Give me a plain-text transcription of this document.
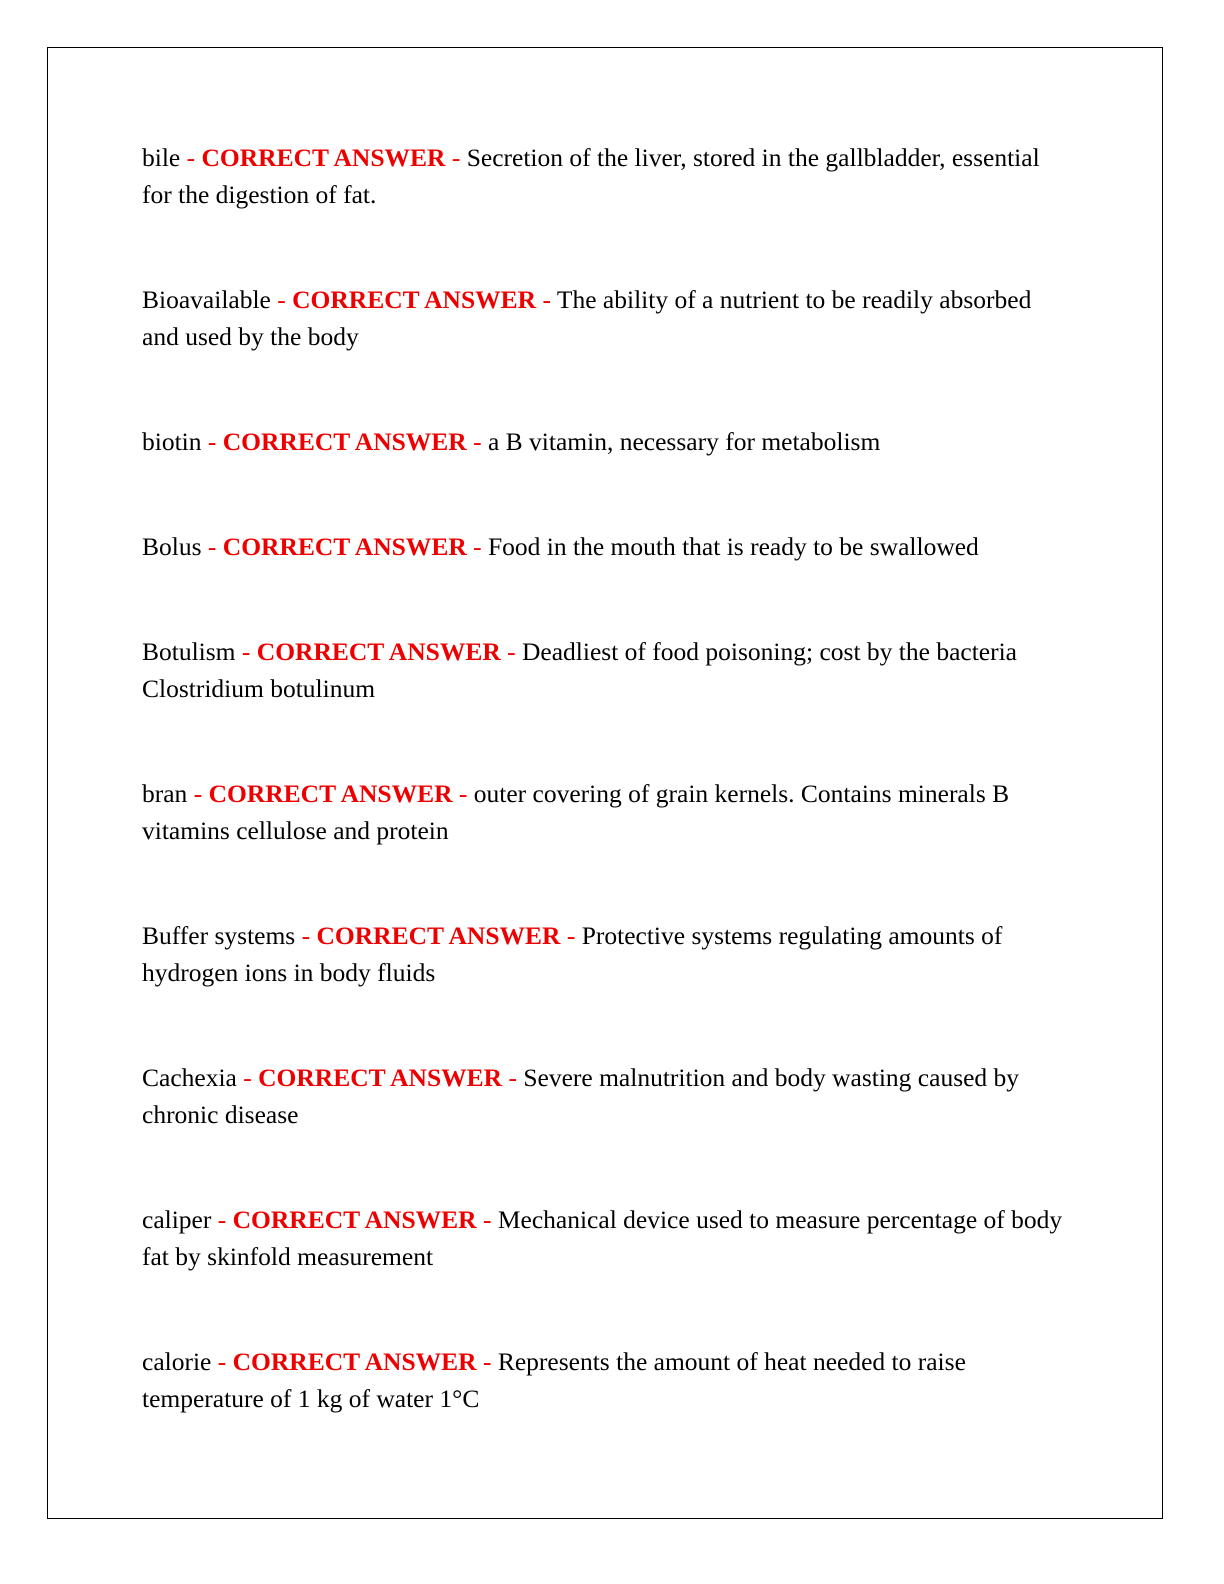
bile - CORRECT ANSWER - Secretion of the liver, stored in the gallbladder, essential for the digestion of fat.

Bioavailable - CORRECT ANSWER - The ability of a nutrient to be readily absorbed and used by the body

biotin - CORRECT ANSWER - a B vitamin, necessary for metabolism

Bolus - CORRECT ANSWER - Food in the mouth that is ready to be swallowed

Botulism - CORRECT ANSWER - Deadliest of food poisoning; cost by the bacteria Clostridium botulinum

bran - CORRECT ANSWER - outer covering of grain kernels. Contains minerals B vitamins cellulose and protein

Buffer systems - CORRECT ANSWER - Protective systems regulating amounts of hydrogen ions in body fluids

Cachexia - CORRECT ANSWER - Severe malnutrition and body wasting caused by chronic disease

caliper - CORRECT ANSWER - Mechanical device used to measure percentage of body fat by skinfold measurement

calorie - CORRECT ANSWER - Represents the amount of heat needed to raise temperature of 1 kg of water 1°C
